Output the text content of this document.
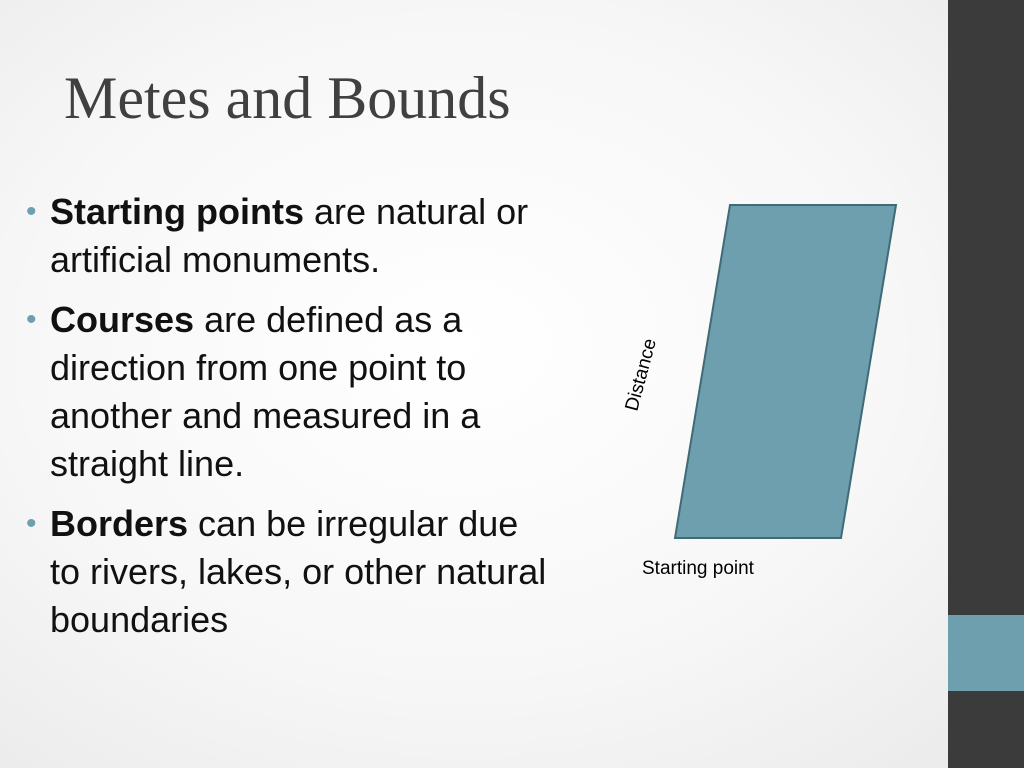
Metes and Bounds
• Starting points are natural or artificial monuments.
• Courses are defined as a direction from one point to another and measured in a straight line.
• Borders can be irregular due to rivers, lakes, or other natural boundaries
Distance
Starting point
